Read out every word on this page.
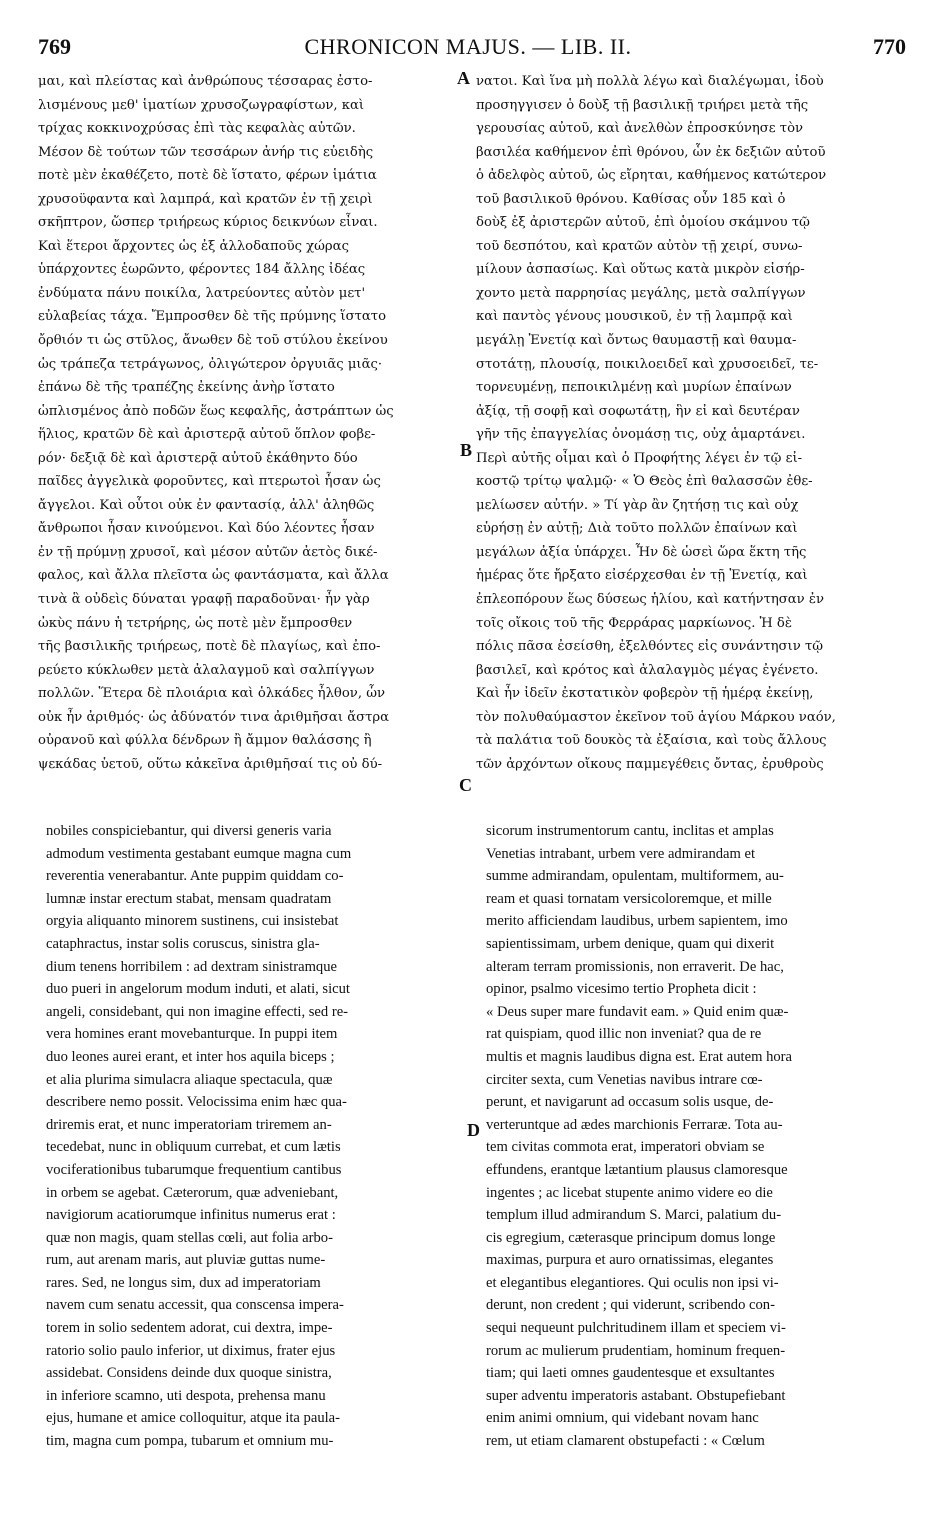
769	CHRONICON MAJUS. — LIB. II.	770
μαι, καὶ πλείστας καὶ ἀνθρώπους τέσσαρας ἐστο-
λισμένους μεθ' ἱματίων χρυσοζωγραφίστων, καὶ
τρίχας κοκκινοχρύσας ἐπὶ τὰς κεφαλὰς αὐτῶν.
Μέσον δὲ τούτων τῶν τεσσάρων ἀνήρ τις εὐειδὴς
ποτὲ μὲν ἐκαθέζετο, ποτὲ δὲ ἵστατο, φέρων ἱμάτια
χρυσοϋφαντα καὶ λαμπρά, καὶ κρατῶν ἐν τῇ χειρὶ
σκῆπτρον, ὥσπερ τριήρεως κύριος δεικνύων εἶναι.
Καὶ ἕτεροι ἄρχοντες ὡς ἐξ ἀλλοδαποῦς χώρας
ὑπάρχοντες ἑωρῶντο, φέροντες 184 ἄλλης ἰδέας
ἐνδύματα πάνυ ποικίλα, λατρεύοντες αὐτὸν μετ'
εὐλαβείας τάχα. Ἔμπροσθεν δὲ τῆς πρύμνης ἵστατο
ὄρθιόν τι ὡς στῦλος, ἄνωθεν δὲ τοῦ στύλου ἐκείνου
ὡς τράπεζα τετράγωνος, ὀλιγώτερον ὀργυιᾶς μιᾶς·
ἐπάνω δὲ τῆς τραπέζης ἐκείνης ἀνὴρ ἵστατο
ὡπλισμένος ἀπὸ ποδῶν ἕως κεφαλῆς, ἀστράπτων ὡς
ἥλιος, κρατῶν δὲ καὶ ἀριστερᾷ αὐτοῦ ὅπλον φοβε-
ρόν· δεξιᾷ δὲ καὶ ἀριστερᾷ αὐτοῦ ἐκάθηντο δύο
παῖδες ἀγγελικὰ φοροῦντες, καὶ πτερωτοὶ ἦσαν ὡς
ἄγγελοι. Καὶ οὗτοι οὐκ ἐν φαντασίᾳ, ἀλλ' ἀληθῶς
ἄνθρωποι ἦσαν κινούμενοι. Καὶ δύο λέοντες ἦσαν
ἐν τῇ πρύμνῃ χρυσοῖ, καὶ μέσον αὐτῶν ἀετὸς δικέ-
φαλος, καὶ ἄλλα πλεῖστα ὡς φαντάσματα, καὶ ἄλλα
τινὰ ἃ οὐδεὶς δύναται γραφῇ παραδοῦναι· ἦν γὰρ
ὠκὺς πάνυ ἡ τετρήρης, ὡς ποτὲ μὲν ἔμπροσθεν
τῆς βασιλικῆς τριήρεως, ποτὲ δὲ πλαγίως, καὶ ἐπο-
ρεύετο κύκλωθεν μετὰ ἀλαλαγμοῦ καὶ σαλπίγγων
πολλῶν. Ἕτερα δὲ πλοιάρια καὶ ὁλκάδες ἦλθον, ὧν
οὐκ ἦν ἀριθμός· ὡς ἀδύνατόν τινα ἀριθμῆσαι ἄστρα
οὐρανοῦ καὶ φύλλα δένδρων ἢ ἄμμον θαλάσσης ἢ
ψεκάδας ὑετοῦ, οὕτω κἀκεῖνα ἀριθμῆσαί τις οὐ δύ-
νατοι. Καὶ ἵνα μὴ πολλὰ λέγω καὶ διαλέγωμαι, ἰδοὺ
προσηγγισεν ὁ δοὺξ τῇ βασιλικῇ τριήρει μετὰ τῆς
γερουσίας αὐτοῦ, καὶ ἀνελθὼν ἐπροσκύνησε τὸν
βασιλέα καθήμενον ἐπὶ θρόνου, ὧν ἐκ δεξιῶν αὐτοῦ
ὁ ἀδελφὸς αὐτοῦ, ὡς εἴρηται, καθήμενος κατώτερον
τοῦ βασιλικοῦ θρόνου. Καθίσας οὖν 185 καὶ ὁ
δοὺξ ἐξ ἀριστερῶν αὐτοῦ, ἐπὶ ὁμοίου σκάμνου τῷ
τοῦ δεσπότου, καὶ κρατῶν αὐτὸν τῇ χειρί, συνω-
μίλουν ἀσπασίως. Καὶ οὕτως κατὰ μικρὸν εἰσήρ-
χοντο μετὰ παρρησίας μεγάλης, μετὰ σαλπίγγων
καὶ παντὸς γένους μουσικοῦ, ἐν τῇ λαμπρᾷ καὶ
μεγάλῃ Ἐνετίᾳ καὶ ὄντως θαυμαστῇ καὶ θαυμα-
στοτάτῃ, πλουσίᾳ, ποικιλοειδεῖ καὶ χρυσοειδεῖ, τε-
τορνευμένῃ, πεποικιλμένῃ καὶ μυρίων ἐπαίνων
ἀξίᾳ, τῇ σοφῇ καὶ σοφωτάτῃ, ἣν εἰ καὶ δευτέραν
γῆν τῆς ἐπαγγελίας ὀνομάσῃ τις, οὐχ ἁμαρτάνει.
Περὶ αὐτῆς οἶμαι καὶ ὁ Προφήτης λέγει ἐν τῷ εἰ-
κοστῷ τρίτῳ ψαλμῷ· « Ὁ Θεὸς ἐπὶ θαλασσῶν ἐθε-
μελίωσεν αὐτήν. » Τί γὰρ ἂν ζητήσῃ τις καὶ οὐχ
εὑρήσῃ ἐν αὐτῇ; Διὰ τοῦτο πολλῶν ἐπαίνων καὶ
μεγάλων ἀξία ὑπάρχει. Ἦν δὲ ὡσεὶ ὥρα ἕκτη τῆς
ἡμέρας ὅτε ἤρξατο εἰσέρχεσθαι ἐν τῇ Ἐνετίᾳ, καὶ
ἐπλεοπόρουν ἕως δύσεως ἡλίου, καὶ κατήντησαν ἐν
τοῖς οἴκοις τοῦ τῆς Φερράρας μαρκίωνος. Ἡ δὲ
πόλις πᾶσα ἐσείσθη, ἐξελθόντες εἰς συνάντησιν τῷ
βασιλεῖ, καὶ κρότος καὶ ἀλαλαγμὸς μέγας ἐγένετο.
Καὶ ἦν ἰδεῖν ἐκστατικὸν φοβερὸν τῇ ἡμέρᾳ ἐκείνῃ,
τὸν πολυθαύμαστον ἐκεῖνον τοῦ ἁγίου Μάρκου ναόν,
τὰ παλάτια τοῦ δουκὸς τὰ ἐξαίσια, καὶ τοὺς ἄλλους
τῶν ἀρχόντων οἴκους παμμεγέθεις ὄντας, ἐρυθροὺς
A
B
C
D
nobiles conspiciebantur, qui diversi generis varia
admodum vestimenta gestabant eumque magna cum
reverentia venerabantur. Ante puppim quiddam co-
lumnæ instar erectum stabat, mensam quadratam
orgyia aliquanto minorem sustinens, cui insistebat
cataphractus, instar solis coruscus, sinistra gla-
dium tenens horribilem : ad dextram sinistramque
duo pueri in angelorum modum induti, et alati, sicut
angeli, considebant, qui non imagine effecti, sed re-
vera homines erant movebanturque. In puppi item
duo leones aurei erant, et inter hos aquila biceps ;
et alia plurima simulacra aliaque spectacula, quæ
describere nemo possit. Velocissima enim hæc qua-
driremis erat, et nunc imperatoriam triremem an-
tecedebat, nunc in obliquum currebat, et cum lætis
vociferationibus tubarumque frequentium cantibus
in orbem se agebat. Cæterorum, quæ adveniebant,
navigiorum acatiorumque infinitus numerus erat :
quæ non magis, quam stellas cœli, aut folia arbo-
rum, aut arenam maris, aut pluviæ guttas nume-
rares. Sed, ne longus sim, dux ad imperatoriam
navem cum senatu accessit, qua conscensa impera-
torem in solio sedentem adorat, cui dextra, impe-
ratorio solio paulo inferior, ut diximus, frater ejus
assidebat. Considens deinde dux quoque sinistra,
in inferiore scamno, uti despota, prehensa manu
ejus, humane et amice colloquitur, atque ita paula-
tim, magna cum pompa, tubarum et omnium mu-
sicorum instrumentorum cantu, inclitas et amplas
Venetias intrabant, urbem vere admirandam et
summe admirandam, opulentam, multiformem, au-
ream et quasi tornatam versicoloremque, et mille
merito afficiendam laudibus, urbem sapientem, imo
sapientissimam, urbem denique, quam qui dixerit
alteram terram promissionis, non erraverit. De hac,
opinor, psalmo vicesimo tertio Propheta dicit :
« Deus super mare fundavit eam. » Quid enim quæ-
rat quispiam, quod illic non inveniat? qua de re
multis et magnis laudibus digna est. Erat autem hora
circiter sexta, cum Venetias navibus intrare cœ-
perunt, et navigarunt ad occasum solis usque, de-
verteruntque ad ædes marchionis Ferraræ. Tota au-
tem civitas commota erat, imperatori obviam se
effundens, erantque lætantium plausus clamoresque
ingentes ; ac licebat stupente animo videre eo die
templum illud admirandum S. Marci, palatium du-
cis egregium, cæterasque principum domus longe
maximas, purpura et auro ornatissimas, elegantes
et elegantibus elegantiores. Qui oculis non ipsi vi-
derunt, non credent ; qui viderunt, scribendo con-
sequi nequeunt pulchritudinem illam et speciem vi-
rorum ac mulierum prudentiam, hominum frequen-
tiam; qui laeti omnes gaudentesque et exsultantes
super adventu imperatoris astabant. Obstupefiebant
enim animi omnium, qui videbant novam hanc
rem, ut etiam clamarent obstupefacti : « Cœlum
